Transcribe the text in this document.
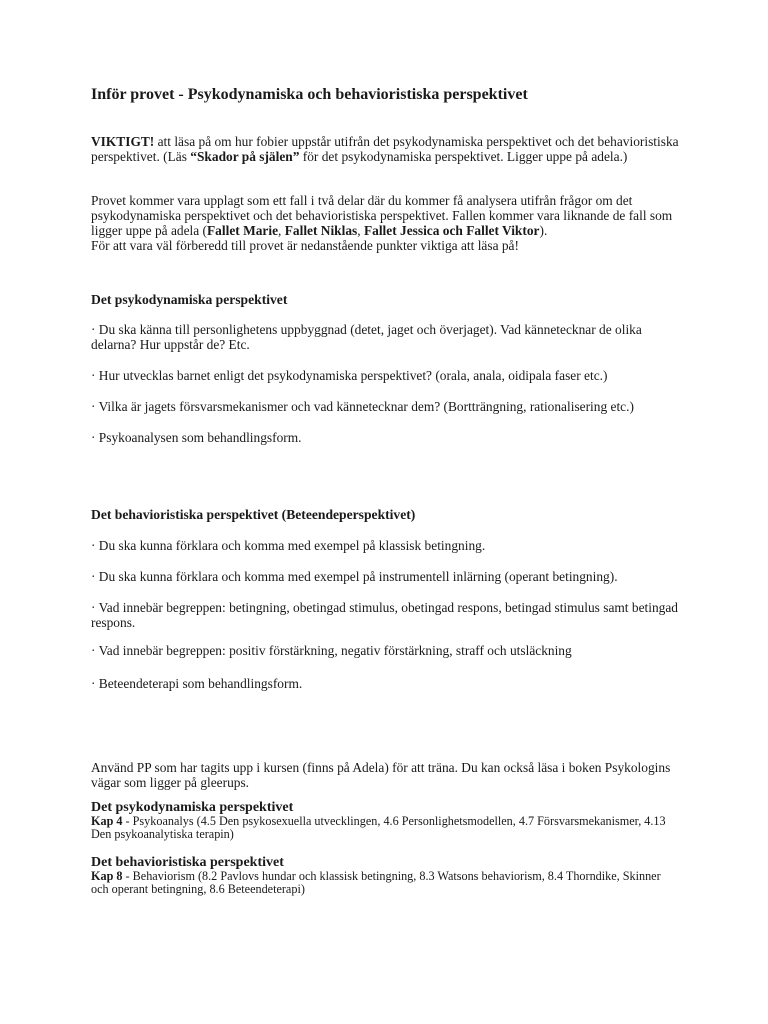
Inför provet - Psykodynamiska och behavioristiska perspektivet

VIKTIGT! att läsa på om hur fobier uppstår utifrån det psykodynamiska perspektivet och det behavioristiska perspektivet. (Läs “Skador på själen” för det psykodynamiska perspektivet. Ligger uppe på adela.)

Provet kommer vara upplagt som ett fall i två delar där du kommer få analysera utifrån frågor om det psykodynamiska perspektivet och det behavioristiska perspektivet. Fallen kommer vara liknande de fall som ligger uppe på adela (Fallet Marie, Fallet Niklas, Fallet Jessica och Fallet Viktor).
För att vara väl förberedd till provet är nedanstående punkter viktiga att läsa på!

Det psykodynamiska perspektivet

· Du ska känna till personlighetens uppbyggnad (detet, jaget och överjaget). Vad kännetecknar de olika delarna? Hur uppstår de? Etc.

· Hur utvecklas barnet enligt det psykodynamiska perspektivet? (orala, anala, oidipala faser etc.)

· Vilka är jagets försvarsmekanismer och vad kännetecknar dem? (Bortträngning, rationalisering etc.)

· Psykoanalysen som behandlingsform.

Det behavioristiska perspektivet (Beteendeperspektivet)

· Du ska kunna förklara och komma med exempel på klassisk betingning.

· Du ska kunna förklara och komma med exempel på instrumentell inlärning (operant betingning).

· Vad innebär begreppen: betingning, obetingad stimulus, obetingad respons, betingad stimulus samt betingad respons.

· Vad innebär begreppen: positiv förstärkning, negativ förstärkning, straff och utsläckning

· Beteendeterapi som behandlingsform.

Använd PP som har tagits upp i kursen (finns på Adela) för att träna. Du kan också läsa i boken Psykologins vägar som ligger på gleerups.

Det psykodynamiska perspektivet

Kap 4 - Psykoanalys (4.5 Den psykosexuella utvecklingen, 4.6 Personlighetsmodellen, 4.7 Försvarsmekanismer, 4.13 Den psykoanalytiska terapin)

Det behavioristiska perspektivet

Kap 8 - Behaviorism (8.2 Pavlovs hundar och klassisk betingning, 8.3 Watsons behaviorism, 8.4 Thorndike, Skinner och operant betingning, 8.6 Beteendeterapi)
